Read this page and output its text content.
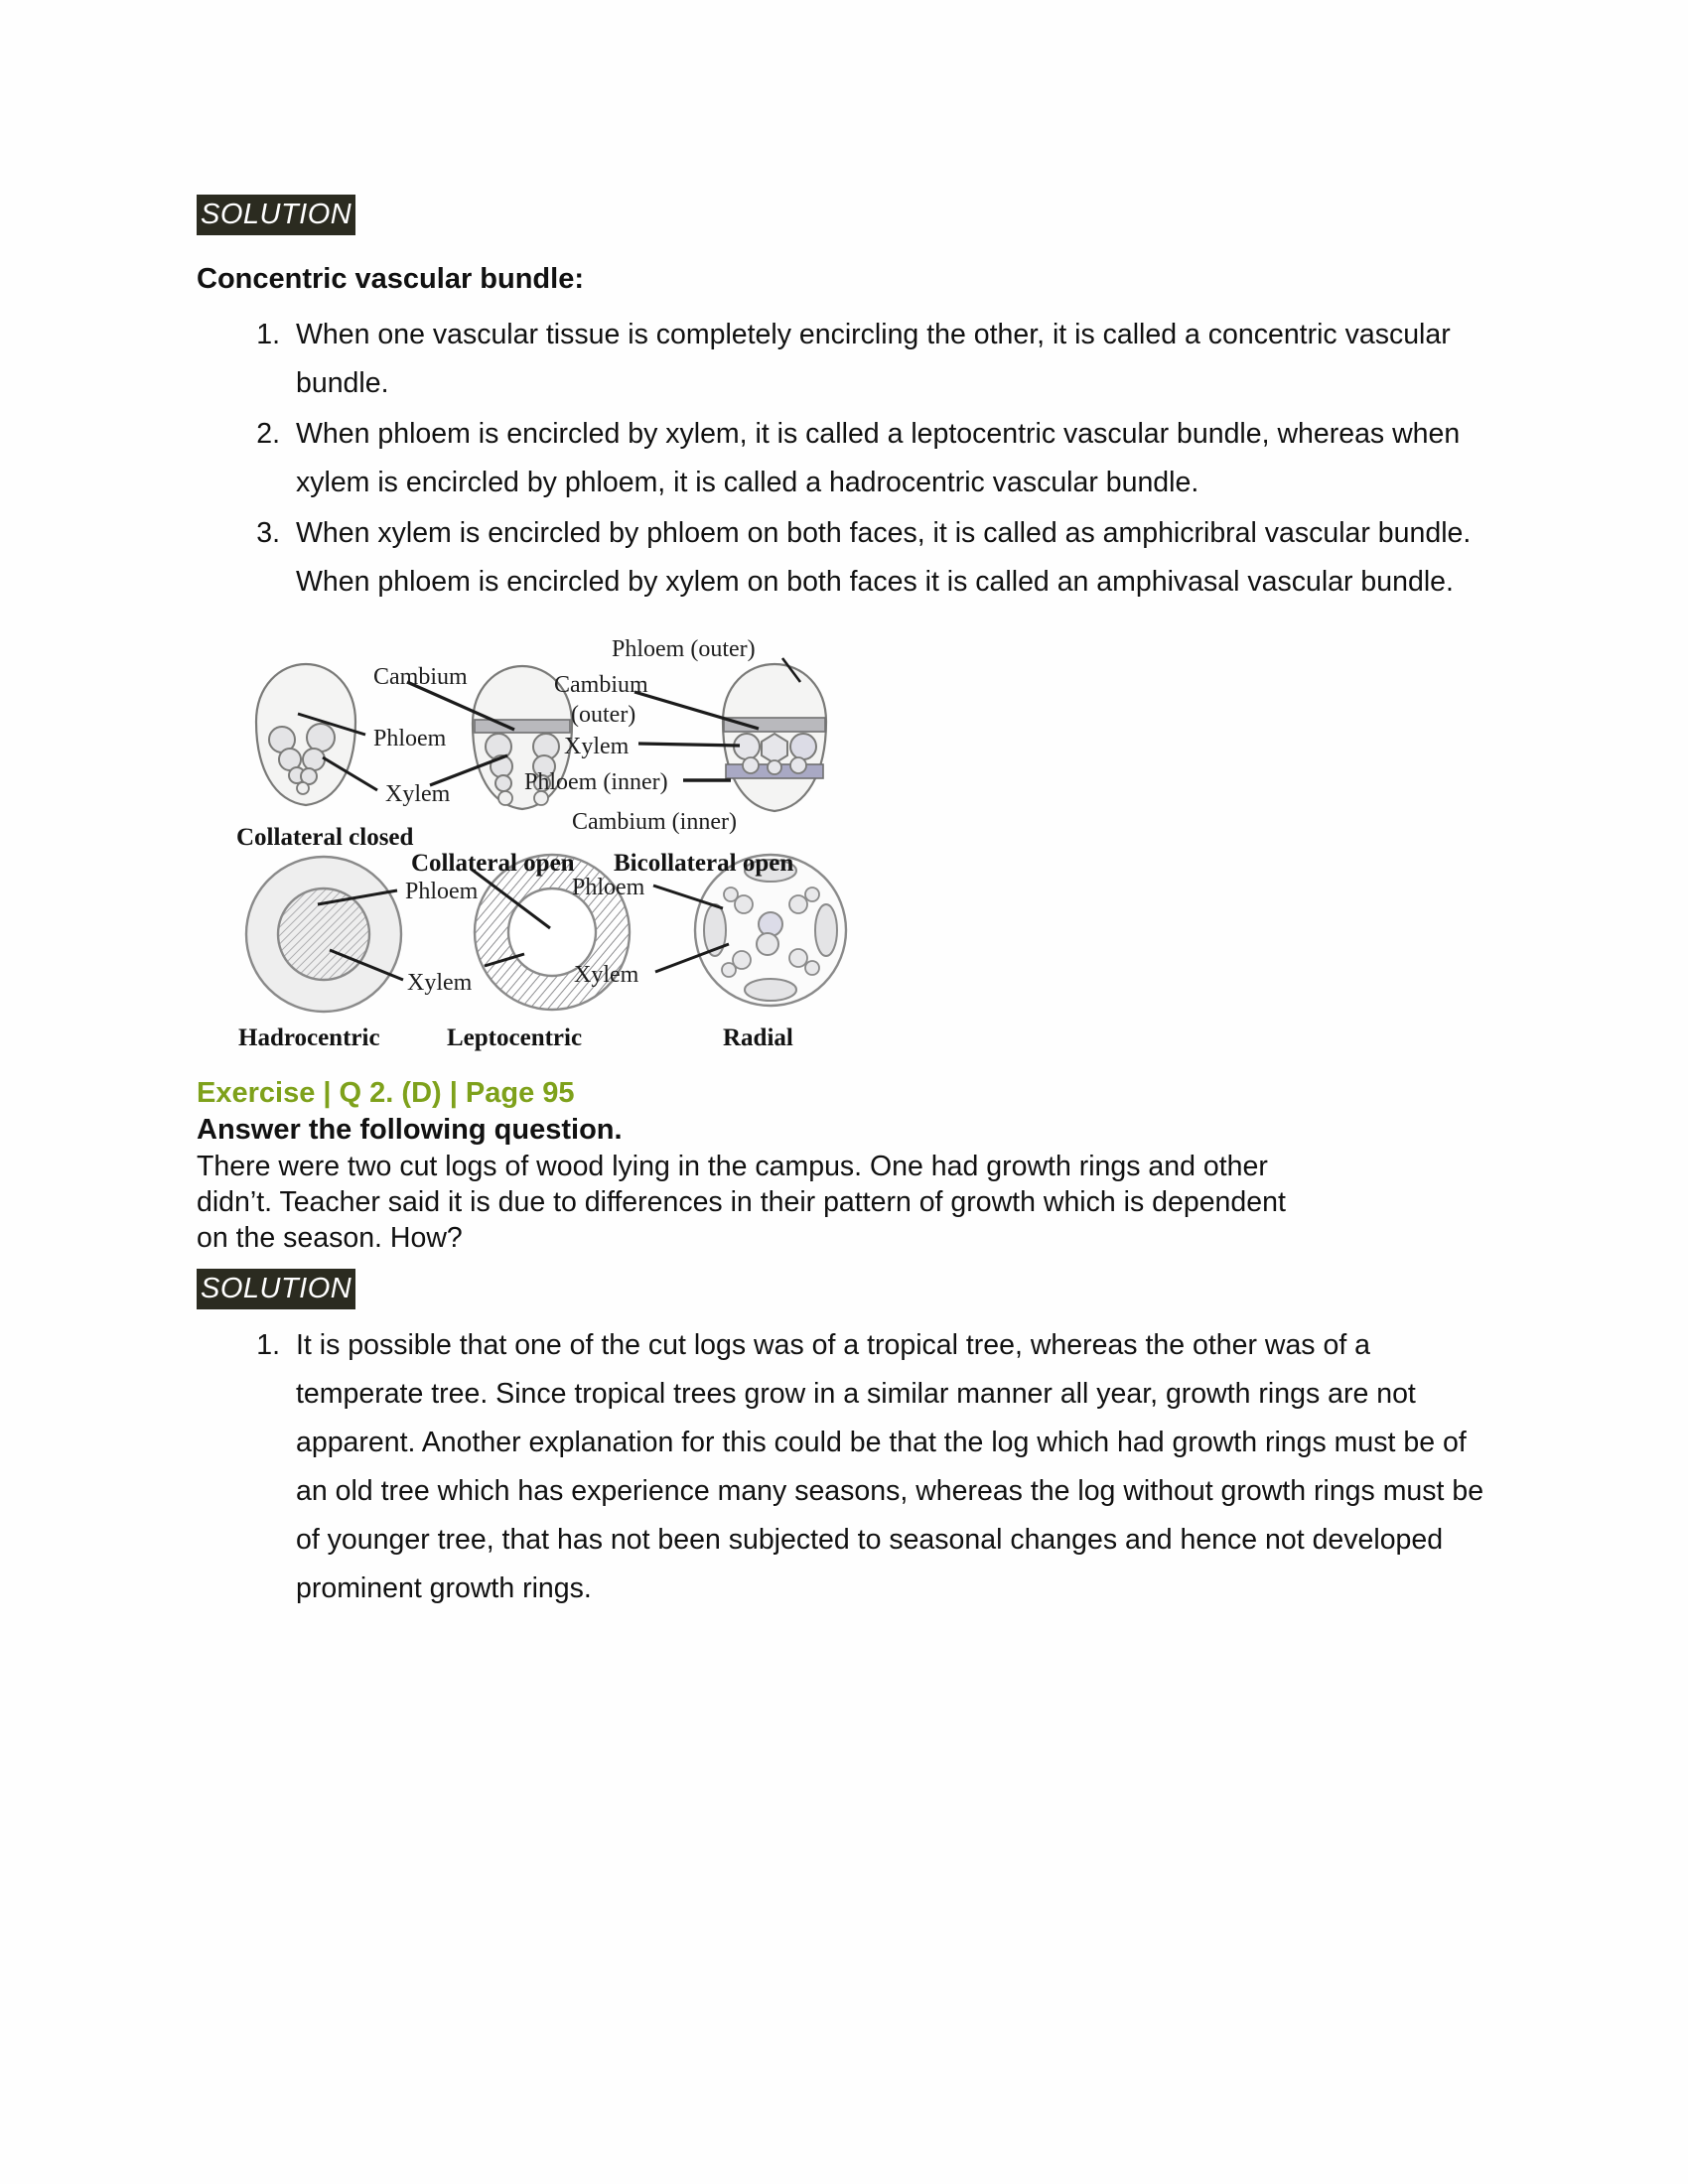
SOLUTION

Concentric vascular bundle:

When one vascular tissue is completely encircling the other, it is called a concentric vascular bundle.
When phloem is encircled by xylem, it is called a leptocentric vascular bundle, whereas when xylem is encircled by phloem, it is called a hadrocentric vascular bundle.
When xylem is encircled by phloem on both faces, it is called as amphicribral vascular bundle. When phloem is encircled by xylem on both faces it is called an amphivasal vascular bundle.
Cambium
Phloem
Xylem
Phloem (outer)
Cambium
(outer)
Xylem
Phloem (inner)
Cambium (inner)
Collateral closed
Collateral open Bicollateral open
Phloem
Xylem
Phloem
Xylem
Hadrocentric	Leptocentric	Radial
Exercise | Q 2. (D) | Page 95
Answer the following question.
There were two cut logs of wood lying in the campus. One had growth rings and other
didn’t. Teacher said it is due to differences in their pattern of growth which is dependent
on the season. How?
SOLUTION
It is possible that one of the cut logs was of a tropical tree, whereas the other was of a temperate tree. Since tropical trees grow in a similar manner all year, growth rings are not apparent. Another explanation for this could be that the log which had growth rings must be of an old tree which has experience many seasons, whereas the log without growth rings must be of younger tree, that has not been subjected to seasonal changes and hence not developed prominent growth rings.
